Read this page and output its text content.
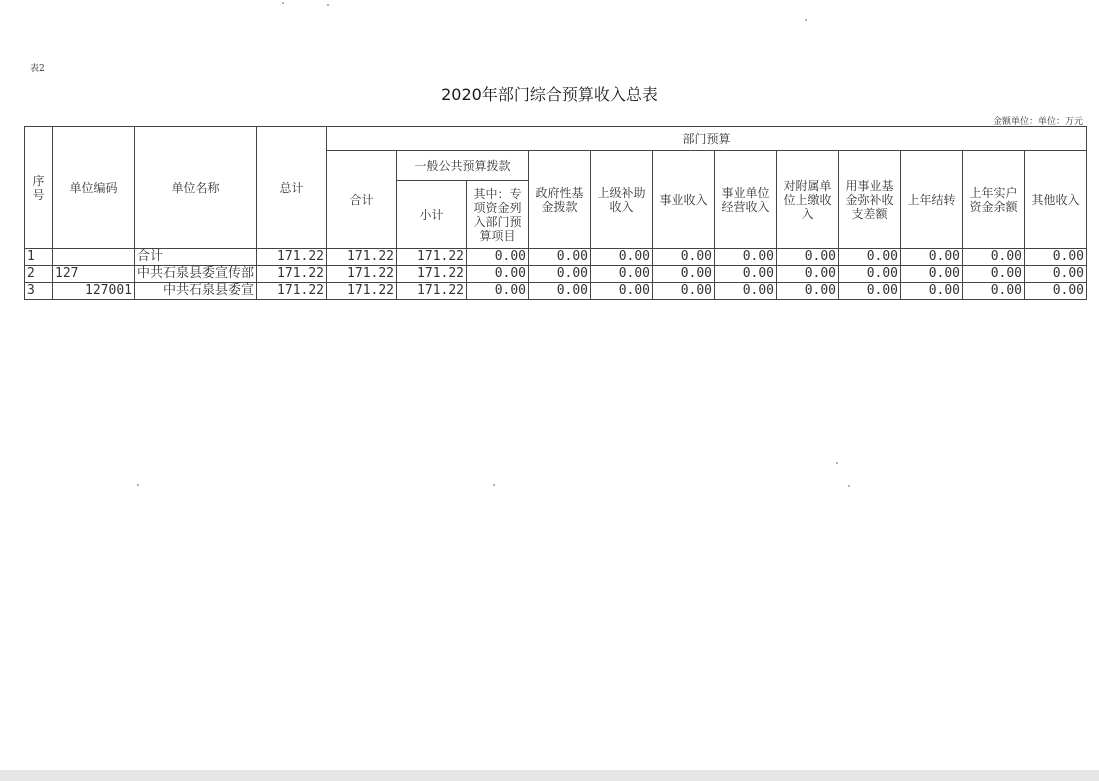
表2
2020年部门综合预算收入总表
金额单位：单位：万元
序号	单位编码	单位名称	总计	部门预算											
				合计	一般公共预算拨款		政府性基金拨款	上级补助收入	事业收入	事业单位经营收入	对附属单位上缴收入	用事业基金弥补收支差额	上年结转	上年实户资金余额	其他收入
					小计	其中：专项资金列入部门预算项目									
1		合计	171.22	171.22	171.22	0.00	0.00	0.00	0.00	0.00	0.00	0.00	0.00	0.00	0.00
2	127	中共石泉县委宣传部	171.22	171.22	171.22	0.00	0.00	0.00	0.00	0.00	0.00	0.00	0.00	0.00	0.00
3	127001	中共石泉县委宣	171.22	171.22	171.22	0.00	0.00	0.00	0.00	0.00	0.00	0.00	0.00	0.00	0.00
